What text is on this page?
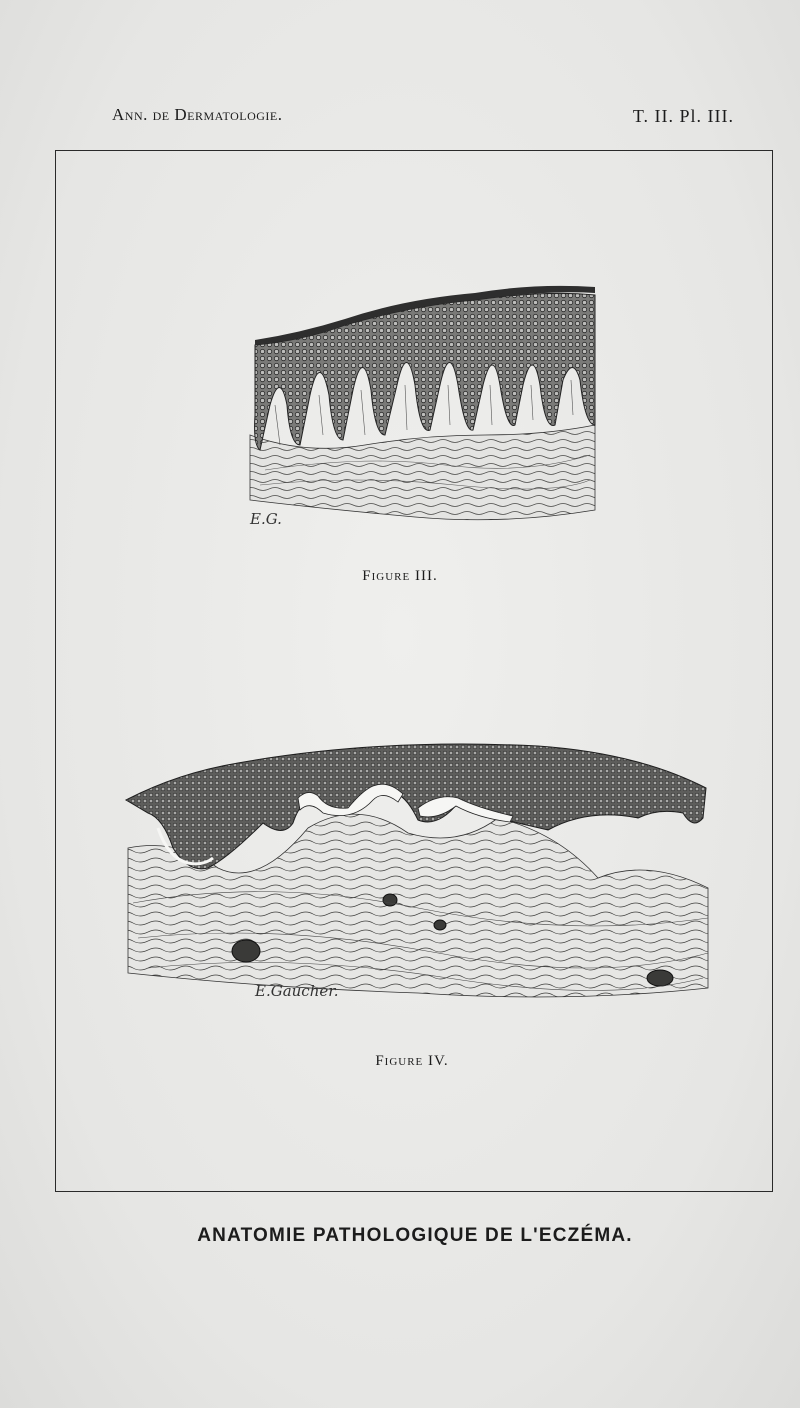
Ann. de Dermatologie.	T. II. Pl. III.
E.G.
Figure III.
E.Gaucher.
Figure IV.
ANATOMIE PATHOLOGIQUE DE L'ECZÉMA.
